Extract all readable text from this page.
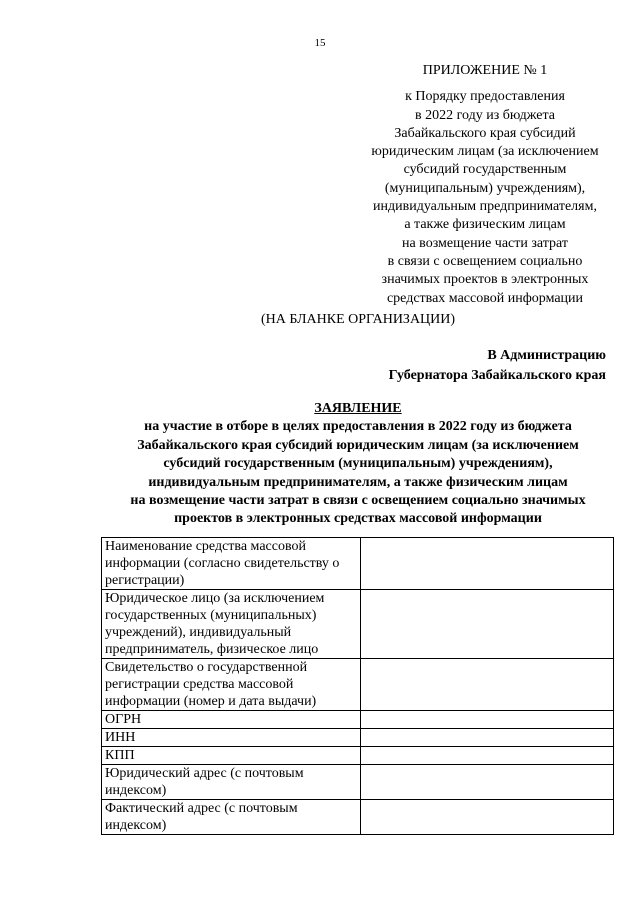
15
ПРИЛОЖЕНИЕ № 1
к Порядку предоставления
в 2022 году из бюджета
Забайкальского края субсидий
юридическим лицам (за исключением
субсидий государственным
(муниципальным) учреждениям),
индивидуальным предпринимателям,
а также физическим лицам
на возмещение части затрат
в связи с освещением социально
значимых проектов в электронных
средствах массовой информации
(НА БЛАНКЕ ОРГАНИЗАЦИИ)
В Администрацию
Губернатора Забайкальского края
ЗАЯВЛЕНИЕ
на участие в отборе в целях предоставления в 2022 году из бюджета
Забайкальского края субсидий юридическим лицам (за исключением
субсидий государственным (муниципальным) учреждениям),
индивидуальным предпринимателям, а также физическим лицам
на возмещение части затрат в связи с освещением социально значимых
проектов в электронных средствах массовой информации
Наименование средства массовой информации (согласно свидетельству о регистрации)	
Юридическое лицо (за исключением государственных (муниципальных) учреждений), индивидуальный предприниматель, физическое лицо	
Свидетельство о государственной регистрации средства массовой информации (номер и дата выдачи)	
ОГРН	
ИНН	
КПП	
Юридический адрес (с почтовым индексом)	
Фактический адрес (с почтовым индексом)	
